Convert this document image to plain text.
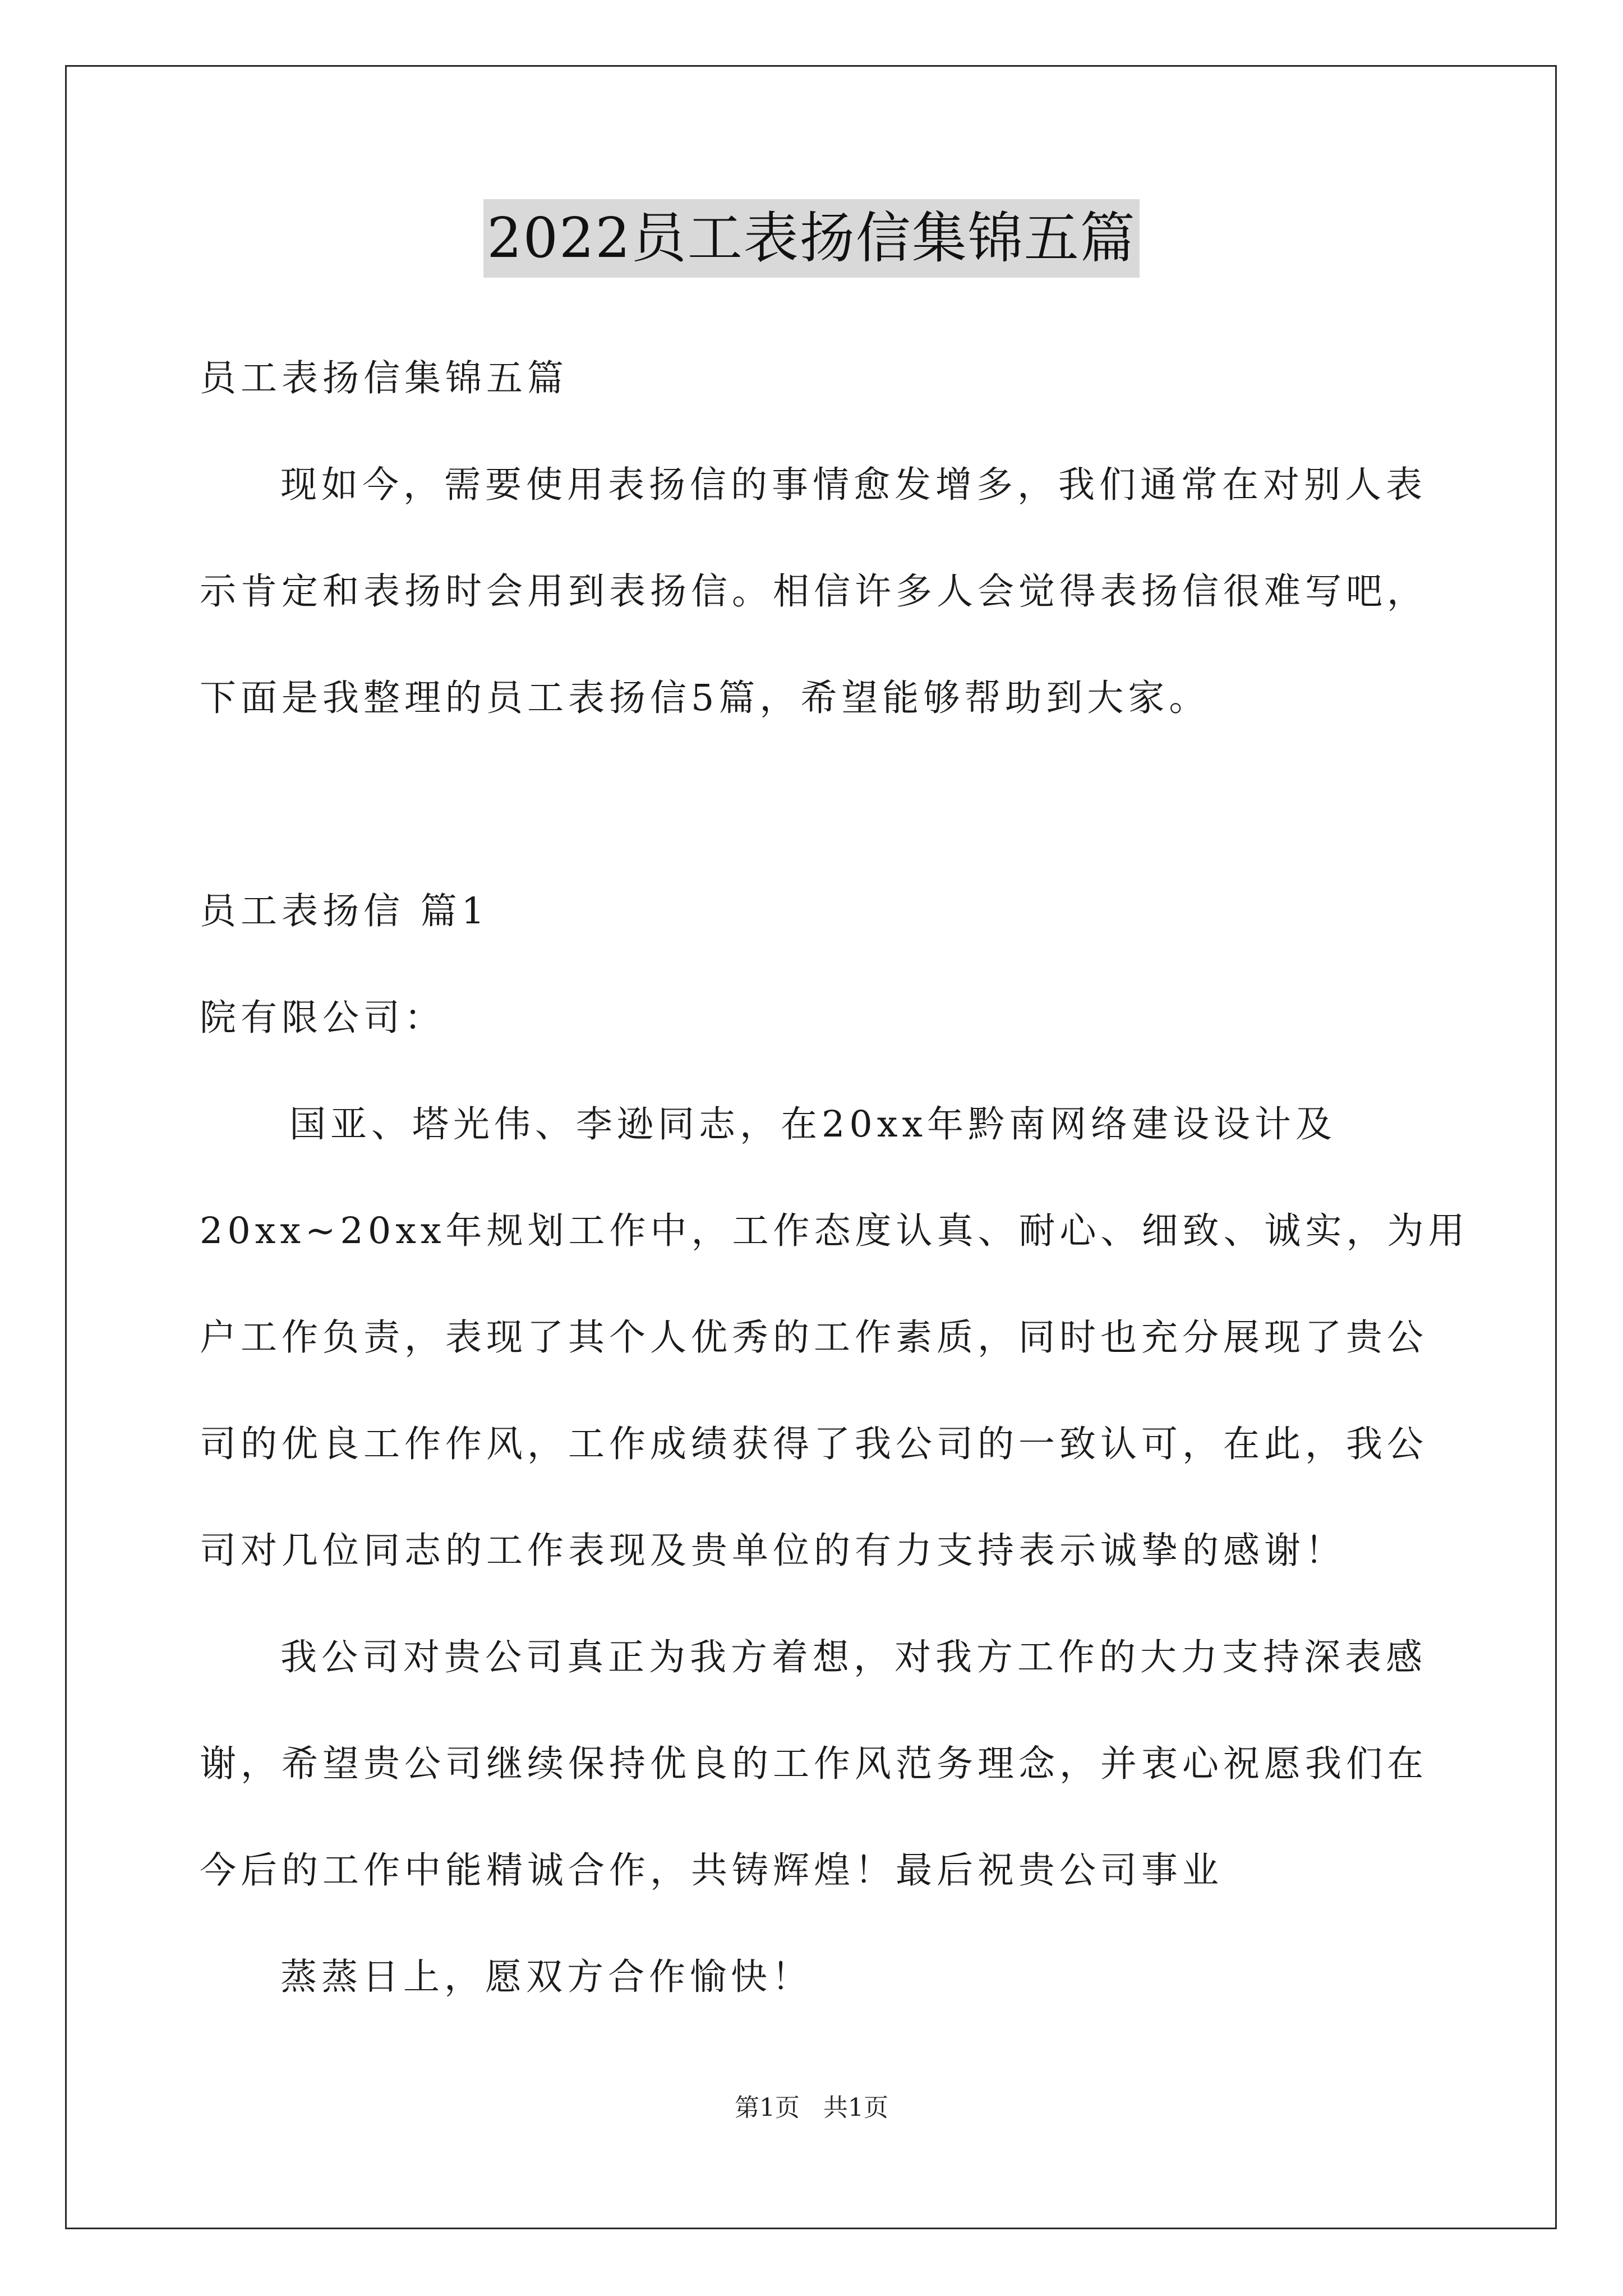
2022员工表扬信集锦五篇
员工表扬信集锦五篇
现如今，需要使用表扬信的事情愈发增多，我们通常在对别人表
示肯定和表扬时会用到表扬信。相信许多人会觉得表扬信很难写吧，
下面是我整理的员工表扬信5篇，希望能够帮助到大家。
员工表扬信 篇1
院有限公司：
国亚、塔光伟、李逊同志，在20xx年黔南网络建设设计及
20xx~20xx年规划工作中，工作态度认真、耐心、细致、诚实，为用
户工作负责，表现了其个人优秀的工作素质，同时也充分展现了贵公
司的优良工作作风，工作成绩获得了我公司的一致认可，在此，我公
司对几位同志的工作表现及贵单位的有力支持表示诚挚的感谢！
我公司对贵公司真正为我方着想，对我方工作的大力支持深表感
谢，希望贵公司继续保持优良的工作风范务理念，并衷心祝愿我们在
今后的工作中能精诚合作，共铸辉煌！最后祝贵公司事业
蒸蒸日上，愿双方合作愉快！
第1页 共1页
